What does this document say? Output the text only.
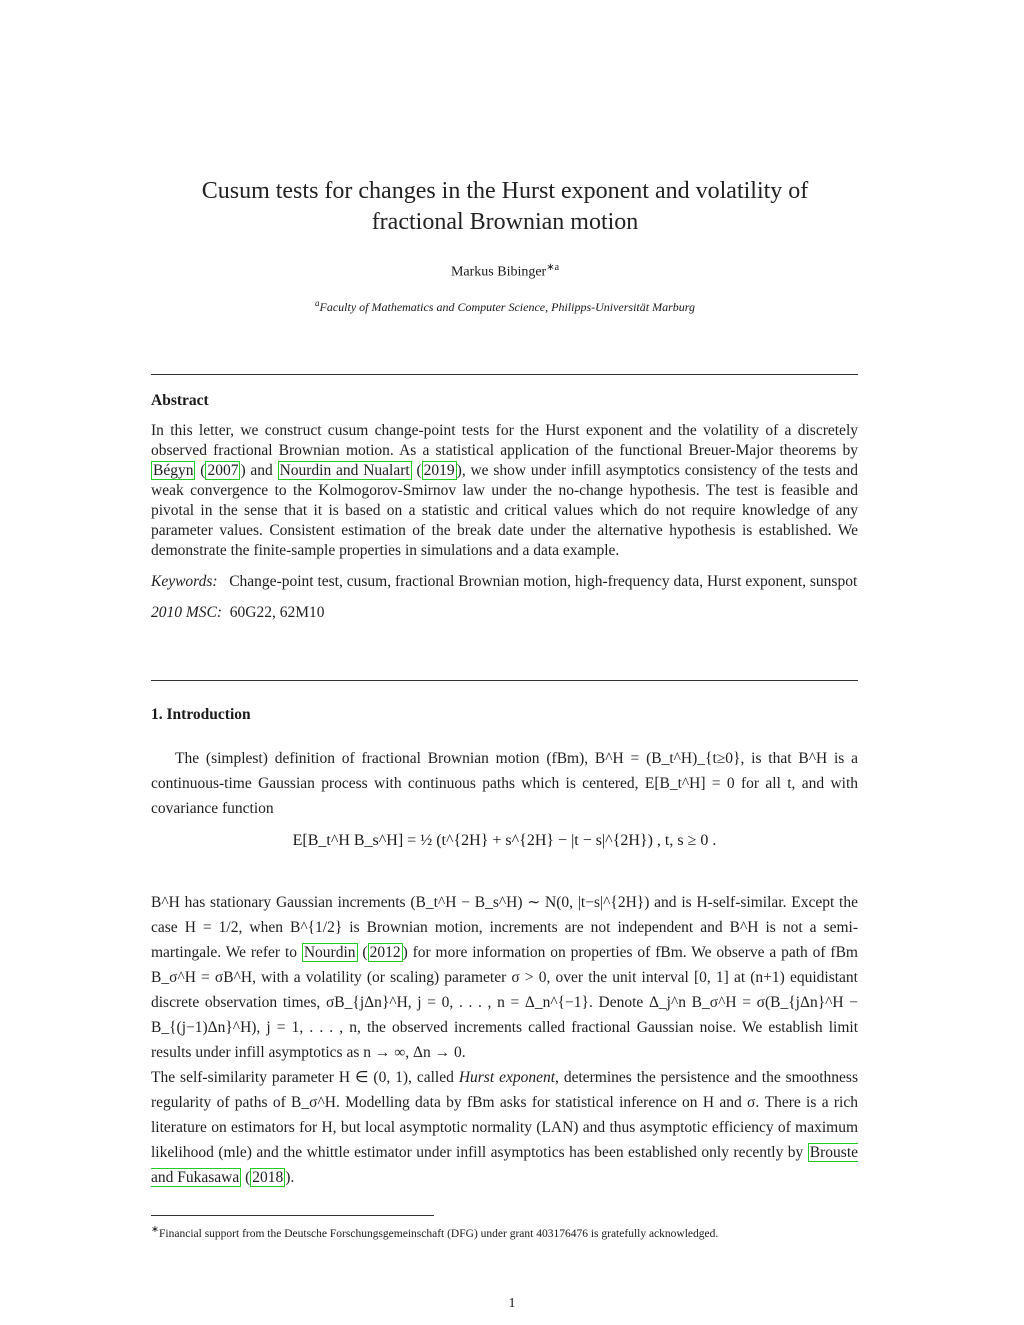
Cusum tests for changes in the Hurst exponent and volatility of
fractional Brownian motion
Markus Bibinger$^{∗a}$
$^a$Faculty of Mathematics and Computer Science, Philipps-Universität Marburg
Abstract

In this letter, we construct cusum change-point tests for the Hurst exponent and the volatility of a discretely observed fractional Brownian motion. As a statistical application of the functional Breuer-Major theorems by Bégyn ( 2007 ) and Nourdin and Nualart ( 2019 ), we show under infill asymptotics consistency of the tests and weak convergence to the Kolmogorov-Smirnov law under the no-change hypothesis. The test is feasible and pivotal in the sense that it is based on a statistic and critical values which do not require knowledge of any parameter values. Consistent estimation of the break date under the alternative hypothesis is established. We demonstrate the finite-sample properties in simulations and a data example.

Keywords: Change-point test, cusum, fractional Brownian motion, high-frequency data, Hurst exponent, sunspot

2010 MSC: 60G22, 62M10

1. Introduction

The (simplest) definition of fractional Brownian motion (fBm), B^H = (B_t^H)_{t≥0}, is that B^H is a continuous-time Gaussian process with continuous paths which is centered, E[B_t^H] = 0 for all t, and with covariance function

E[B_t^H B_s^H] = ½ (t^{2H} + s^{2H} − |t − s|^{2H}) , t, s ≥ 0 .

B^H has stationary Gaussian increments (B_t^H − B_s^H) ∼ N(0, |t−s|^{2H}) and is H-self-similar. Except the case H = 1/2, when B^{1/2} is Brownian motion, increments are not independent and B^H is not a semi-martingale. We refer to Nourdin ( 2012 ) for more information on properties of fBm. We observe a path of fBm B_σ^H = σB^H, with a volatility (or scaling) parameter σ > 0, over the unit interval [0, 1] at (n+1) equidistant discrete observation times, σB_{jΔn}^H, j = 0, . . . , n = Δ_n^{−1}. Denote Δ_j^n B_σ^H = σ(B_{jΔn}^H − B_{(j−1)Δn}^H), j = 1, . . . , n, the observed increments called fractional Gaussian noise. We establish limit results under infill asymptotics as n → ∞, Δn → 0.

The self-similarity parameter H ∈ (0, 1), called Hurst exponent, determines the persistence and the smoothness regularity of paths of B_σ^H. Modelling data by fBm asks for statistical inference on H and σ. There is a rich literature on estimators for H, but local asymptotic normality (LAN) and thus asymptotic efficiency of maximum likelihood (mle) and the whittle estimator under infill asymptotics has been established only recently by Brouste and Fukasawa ( 2018 ).

∗Financial support from the Deutsche Forschungsgemeinschaft (DFG) under grant 403176476 is gratefully acknowledged.
1
